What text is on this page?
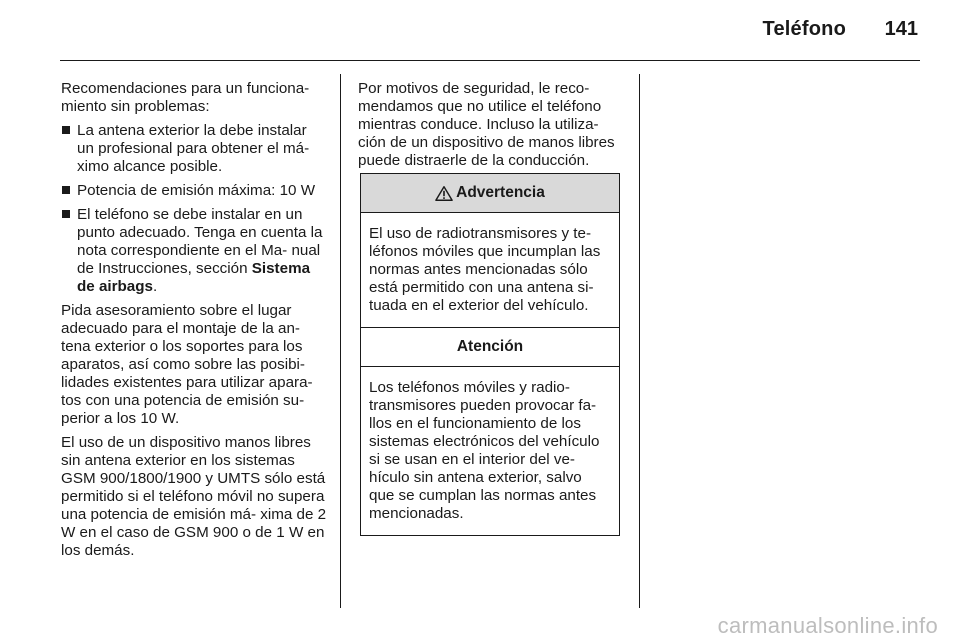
Teléfono 141

Recomendaciones para un funciona- miento sin problemas:

La antena exterior la debe instalar un profesional para obtener el má- ximo alcance posible.
Potencia de emisión máxima: 10 W
El teléfono se debe instalar en un punto adecuado. Tenga en cuenta la nota correspondiente en el Ma- nual de Instrucciones, sección Sistema de airbags.

Pida asesoramiento sobre el lugar adecuado para el montaje de la an- tena exterior o los soportes para los aparatos, así como sobre las posibi- lidades existentes para utilizar apara- tos con una potencia de emisión su- perior a los 10 W.

El uso de un dispositivo manos libres sin antena exterior en los sistemas GSM 900/1800/1900 y UMTS sólo está permitido si el teléfono móvil no supera una potencia de emisión má- xima de 2 W en el caso de GSM 900 o de 1 W en los demás.

Por motivos de seguridad, le reco- mendamos que no utilice el teléfono mientras conduce. Incluso la utiliza- ción de un dispositivo de manos libres puede distraerle de la conducción.

Advertencia
El uso de radiotransmisores y te- léfonos móviles que incumplan las normas antes mencionadas sólo está permitido con una antena si- tuada en el exterior del vehículo.
Atención
Los teléfonos móviles y radio- transmisores pueden provocar fa- llos en el funcionamiento de los sistemas electrónicos del vehículo si se usan en el interior del ve- hículo sin antena exterior, salvo que se cumplan las normas antes mencionadas.
carmanualsonline.info
